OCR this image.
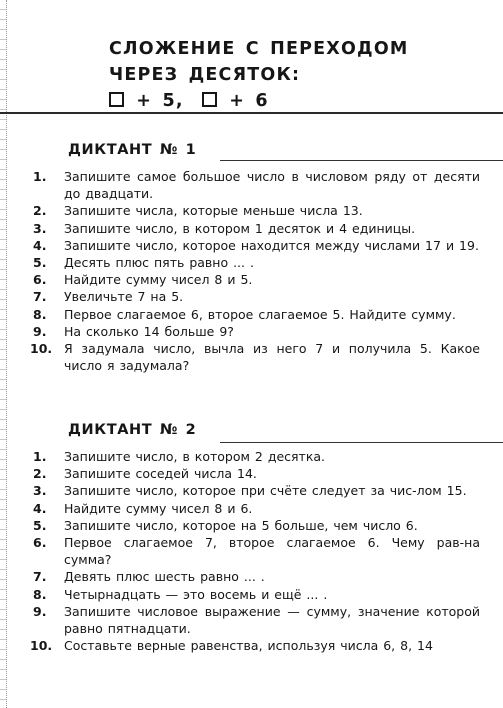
СЛОЖЕНИЕ С ПЕРЕХОДОМ
ЧЕРЕЗ ДЕСЯТОК:
+ 5,	+ 6
ДИКТАНТ № 1
1.	Запишите самое большое число в числовом ряду от десяти до двадцати.
2.	Запишите числа, которые меньше числа 13.
3.	Запишите число, в котором 1 десяток и 4 единицы.
4.	Запишите число, которое находится между числами 17 и 19.
5.	Десять плюс пять равно ... .
6.	Найдите сумму чисел 8 и 5.
7.	Увеличьте 7 на 5.
8.	Первое слагаемое 6, второе слагаемое 5. Найдите сумму.
9.	На сколько 14 больше 9?
10. Я задумала число, вычла из него 7 и получила 5. Какое число я задумала?
ДИКТАНТ № 2
1.	Запишите число, в котором 2 десятка.
2.	Запишите соседей числа 14.
3.	Запишите число, которое при счёте следует за чис-лом 15.
4.	Найдите сумму чисел 8 и 6.
5.	Запишите число, которое на 5 больше, чем число 6.
6.	Первое слагаемое 7, второе слагаемое 6. Чему рав-на сумма?
7.	Девять плюс шесть равно ... .
8.	Четырнадцать — это восемь и ещё ... .
9.	Запишите числовое выражение — сумму, значение которой равно пятнадцати.
10. Составьте верные равенства, используя числа 6, 8, 14
